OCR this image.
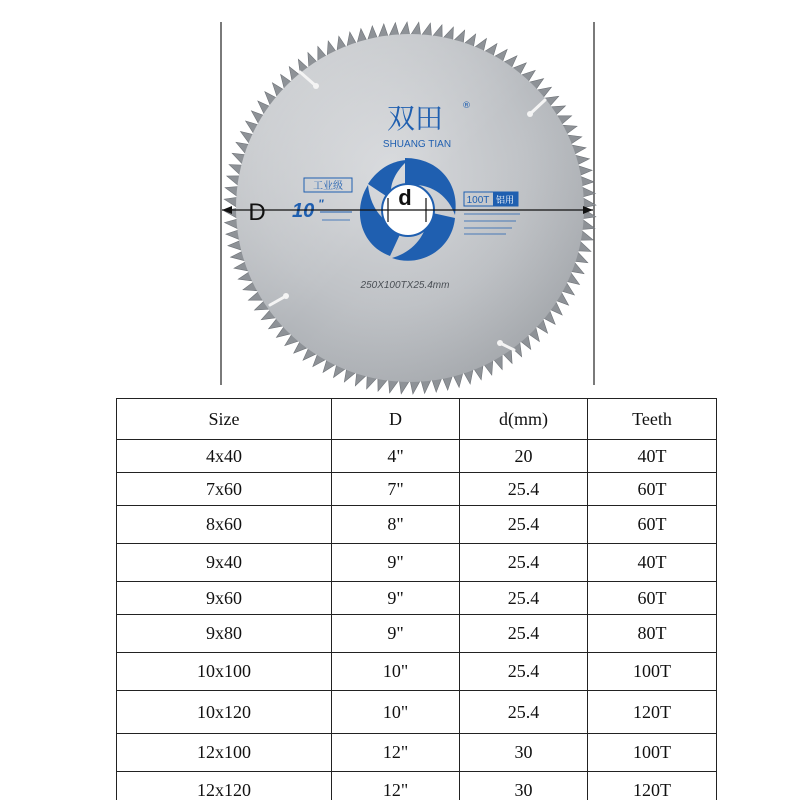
双田 ®
SHUANG TIAN
工业级
10 "	100T 铝用
250X100TX25.4mm
D
d
Size	D	d(mm)	Teeth
4x40	4"	20	40T
7x60	7"	25.4	60T
8x60	8"	25.4	60T
9x40	9"	25.4	40T
9x60	9"	25.4	60T
9x80	9"	25.4	80T
10x100	10"	25.4	100T
10x120	10"	25.4	120T
12x100	12"	30	100T
12x120	12"	30	120T
